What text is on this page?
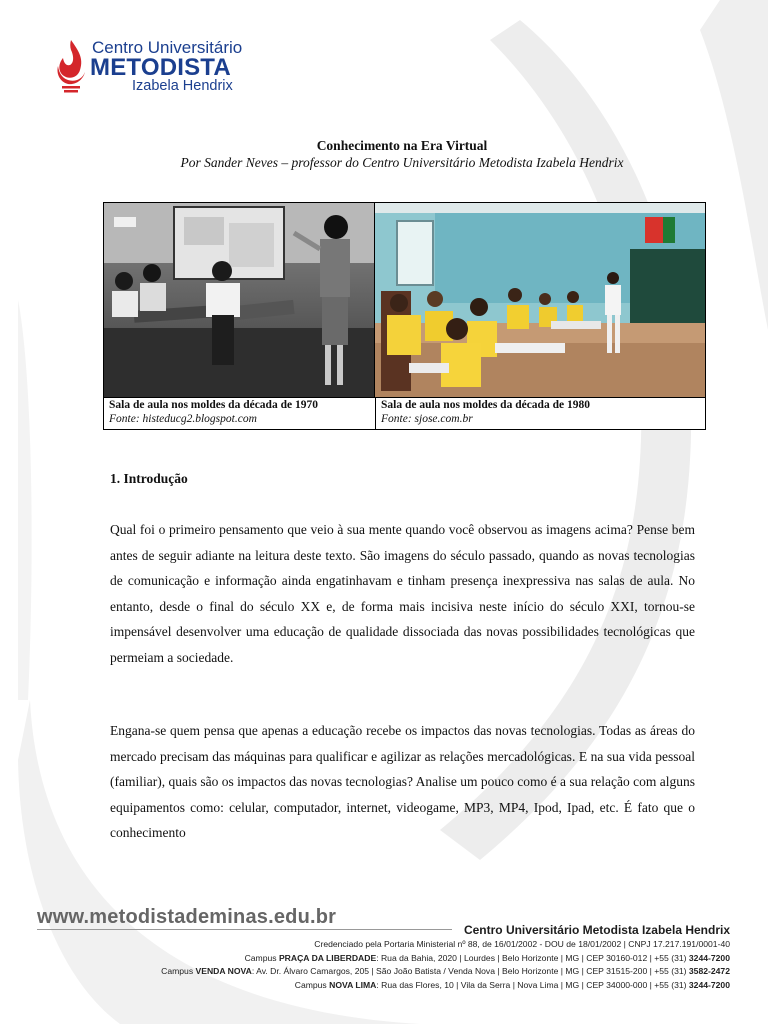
Centro Universitário
METODISTA
Izabela Hendrix

Conhecimento na Era Virtual

Por Sander Neves – professor do Centro Universitário Metodista Izabela Hendrix

Sala de aula nos moldes da década de 1970
Fonte: histeducg2.blogspot.com
Sala de aula nos moldes da década de 1980
Fonte: sjose.com.br
1. Introdução

Qual foi o primeiro pensamento que veio à sua mente quando você observou as imagens acima? Pense bem antes de seguir adiante na leitura deste texto. São imagens do século passado, quando as novas tecnologias de comunicação e informação ainda engatinhavam e tinham presença inexpressiva nas salas de aula. No entanto, desde o final do século XX e, de forma mais incisiva neste início do século XXI, tornou-se impensável desenvolver uma educação de qualidade dissociada das novas possibilidades tecnológicas que permeiam a sociedade.

Engana-se quem pensa que apenas a educação recebe os impactos das novas tecnologias. Todas as áreas do mercado precisam das máquinas para qualificar e agilizar as relações mercadológicas. E na sua vida pessoal (familiar), quais são os impactos das novas tecnologias? Analise um pouco como é a sua relação com alguns equipamentos como: celular, computador, internet, videogame, MP3, MP4, Ipod, Ipad, etc. É fato que o conhecimento

www.metodistademinas.edu.br
Centro Universitário Metodista Izabela Hendrix
Credenciado pela Portaria Ministerial nº 88, de 16/01/2002 - DOU de 18/01/2002 | CNPJ 17.217.191/0001-40
Campus PRAÇA DA LIBERDADE: Rua da Bahia, 2020 | Lourdes | Belo Horizonte | MG | CEP 30160-012 | +55 (31) 3244-7200
Campus VENDA NOVA: Av. Dr. Álvaro Camargos, 205 | São João Batista / Venda Nova | Belo Horizonte | MG | CEP 31515-200 | +55 (31) 3582-2472
Campus NOVA LIMA: Rua das Flores, 10 | Vila da Serra | Nova Lima | MG | CEP 34000-000 | +55 (31) 3244-7200
